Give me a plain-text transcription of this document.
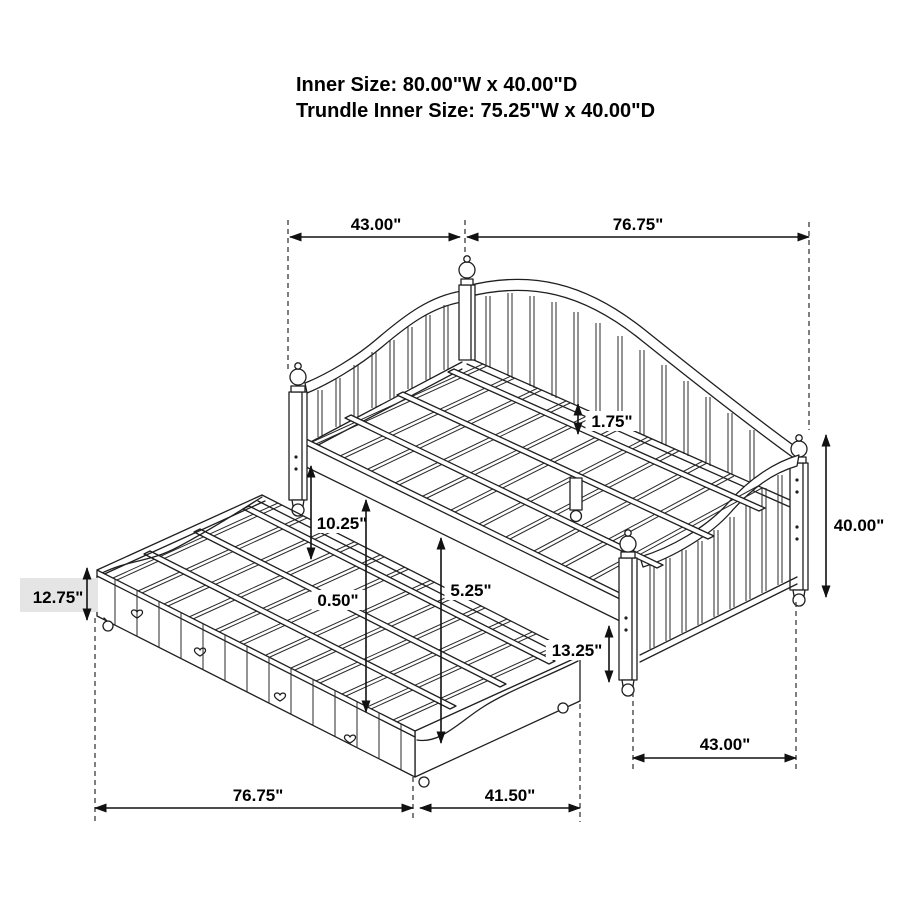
Inner Size: 80.00"W x 40.00"D
Trundle Inner Size: 75.25"W x 40.00"D
43.00"	76.75"
1.75"
40.00"
10.25"
0.50"
5.25"
12.75"
13.25"
43.00"
76.75"	41.50"
